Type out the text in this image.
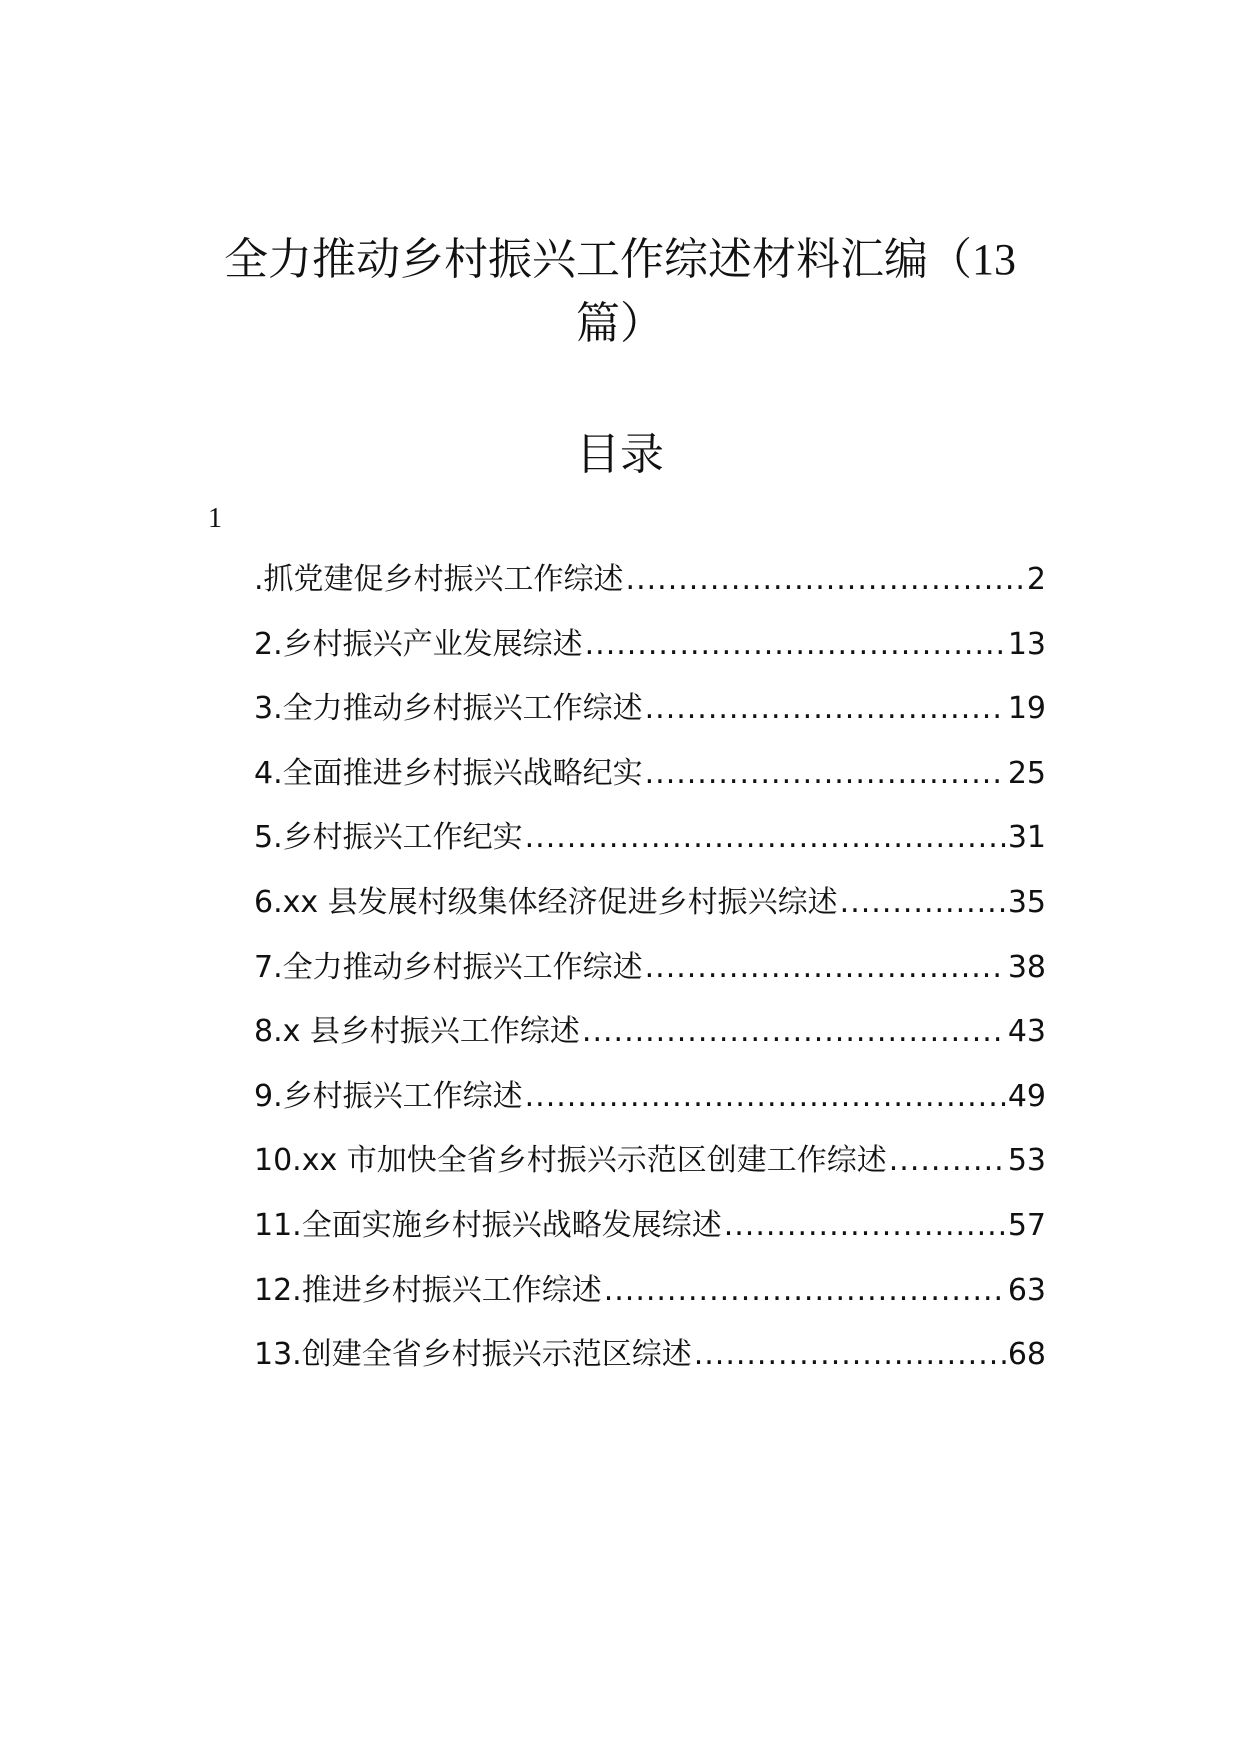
全力推动乡村振兴工作综述材料汇编（13
篇）
目录
1
.抓党建促乡村振兴工作综述 .....	2
2.乡村振兴产业发展综述 .....	13
3.全力推动乡村振兴工作综述 .....	19
4.全面推进乡村振兴战略纪实 .....	25
5.乡村振兴工作纪实 .....	31
6.xx 县发展村级集体经济促进乡村振兴综述 .....	35
7.全力推动乡村振兴工作综述 .....	38
8.x 县乡村振兴工作综述 .....	43
9.乡村振兴工作综述 .....	49
10.xx 市加快全省乡村振兴示范区创建工作综述 .....	53
11.全面实施乡村振兴战略发展综述 .....	57
12.推进乡村振兴工作综述 .....	63
13.创建全省乡村振兴示范区综述 .....	68
